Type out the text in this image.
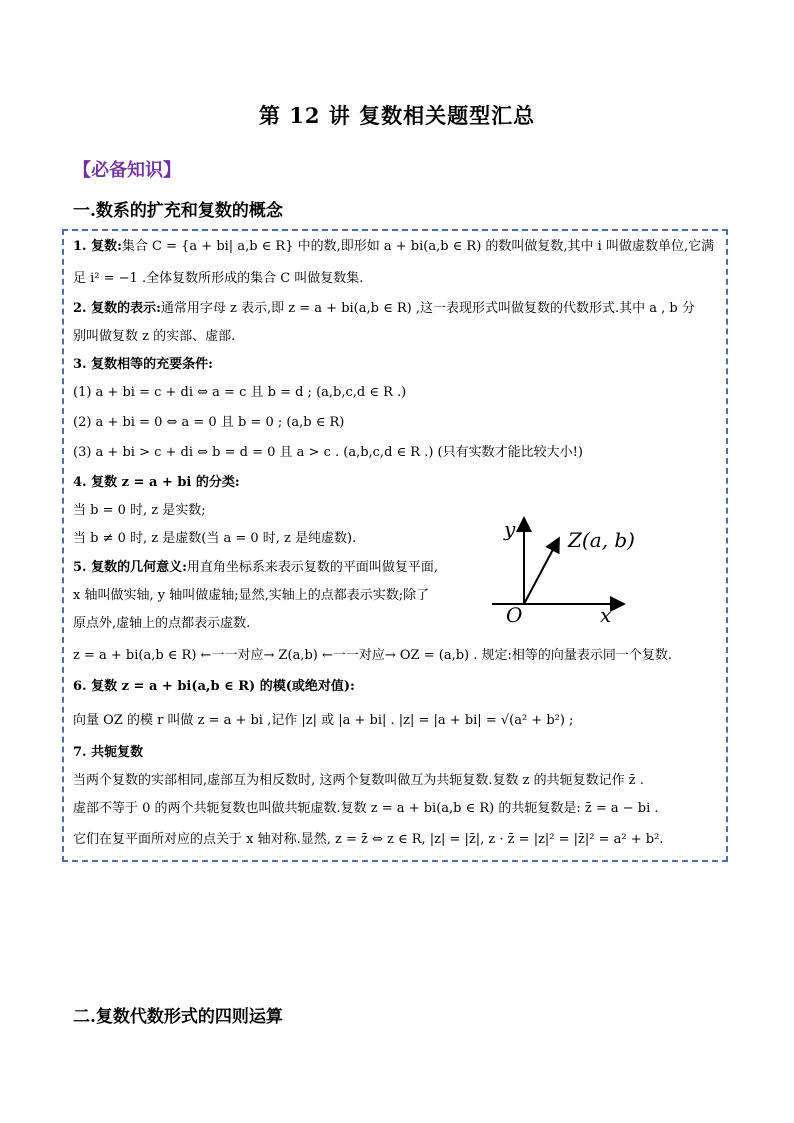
第 12 讲 复数相关题型汇总
【必备知识】
一.数系的扩充和复数的概念
1. 复数:集合 C = {a + bi| a,b ∈ R} 中的数,即形如 a + bi(a,b ∈ R) 的数叫做复数,其中 i 叫做虚数单位,它满
足 i² = −1 .全体复数所形成的集合 C 叫做复数集.
2. 复数的表示:通常用字母 z 表示,即 z = a + bi(a,b ∈ R) ,这一表现形式叫做复数的代数形式.其中 a , b 分
别叫做复数 z 的实部、虚部.
3. 复数相等的充要条件:
(1) a + bi = c + di ⇔ a = c 且 b = d ; (a,b,c,d ∈ R .)
(2) a + bi = 0 ⇔ a = 0 且 b = 0 ; (a,b ∈ R)
(3) a + bi > c + di ⇔ b = d = 0 且 a > c . (a,b,c,d ∈ R .) (只有实数才能比较大小!)
4. 复数 z = a + bi 的分类:
当 b = 0 时, z 是实数;
当 b ≠ 0 时, z 是虚数(当 a = 0 时, z 是纯虚数).
5. 复数的几何意义:用直角坐标系来表示复数的平面叫做复平面,
x 轴叫做实轴, y 轴叫做虚轴;显然,实轴上的点都表示实数;除了
原点外,虚轴上的点都表示虚数.
z = a + bi(a,b ∈ R) ←一一对应→ Z(a,b) ←一一对应→ OZ = (a,b) . 规定:相等的向量表示同一个复数.
6. 复数 z = a + bi(a,b ∈ R) 的模(或绝对值):
向量 OZ 的模 r 叫做 z = a + bi ,记作 |z| 或 |a + bi| . |z| = |a + bi| = √(a² + b²) ;
7. 共轭复数
当两个复数的实部相同,虚部互为相反数时, 这两个复数叫做互为共轭复数.复数 z 的共轭复数记作 z̄ .
虚部不等于 0 的两个共轭复数也叫做共轭虚数.复数 z = a + bi(a,b ∈ R) 的共轭复数是: z̄ = a − bi .
它们在复平面所对应的点关于 x 轴对称.显然, z = z̄ ⇔ z ∈ R, |z| = |z̄|, z · z̄ = |z|² = |z̄|² = a² + b².
y
x
O
Z(a, b)
二.复数代数形式的四则运算
